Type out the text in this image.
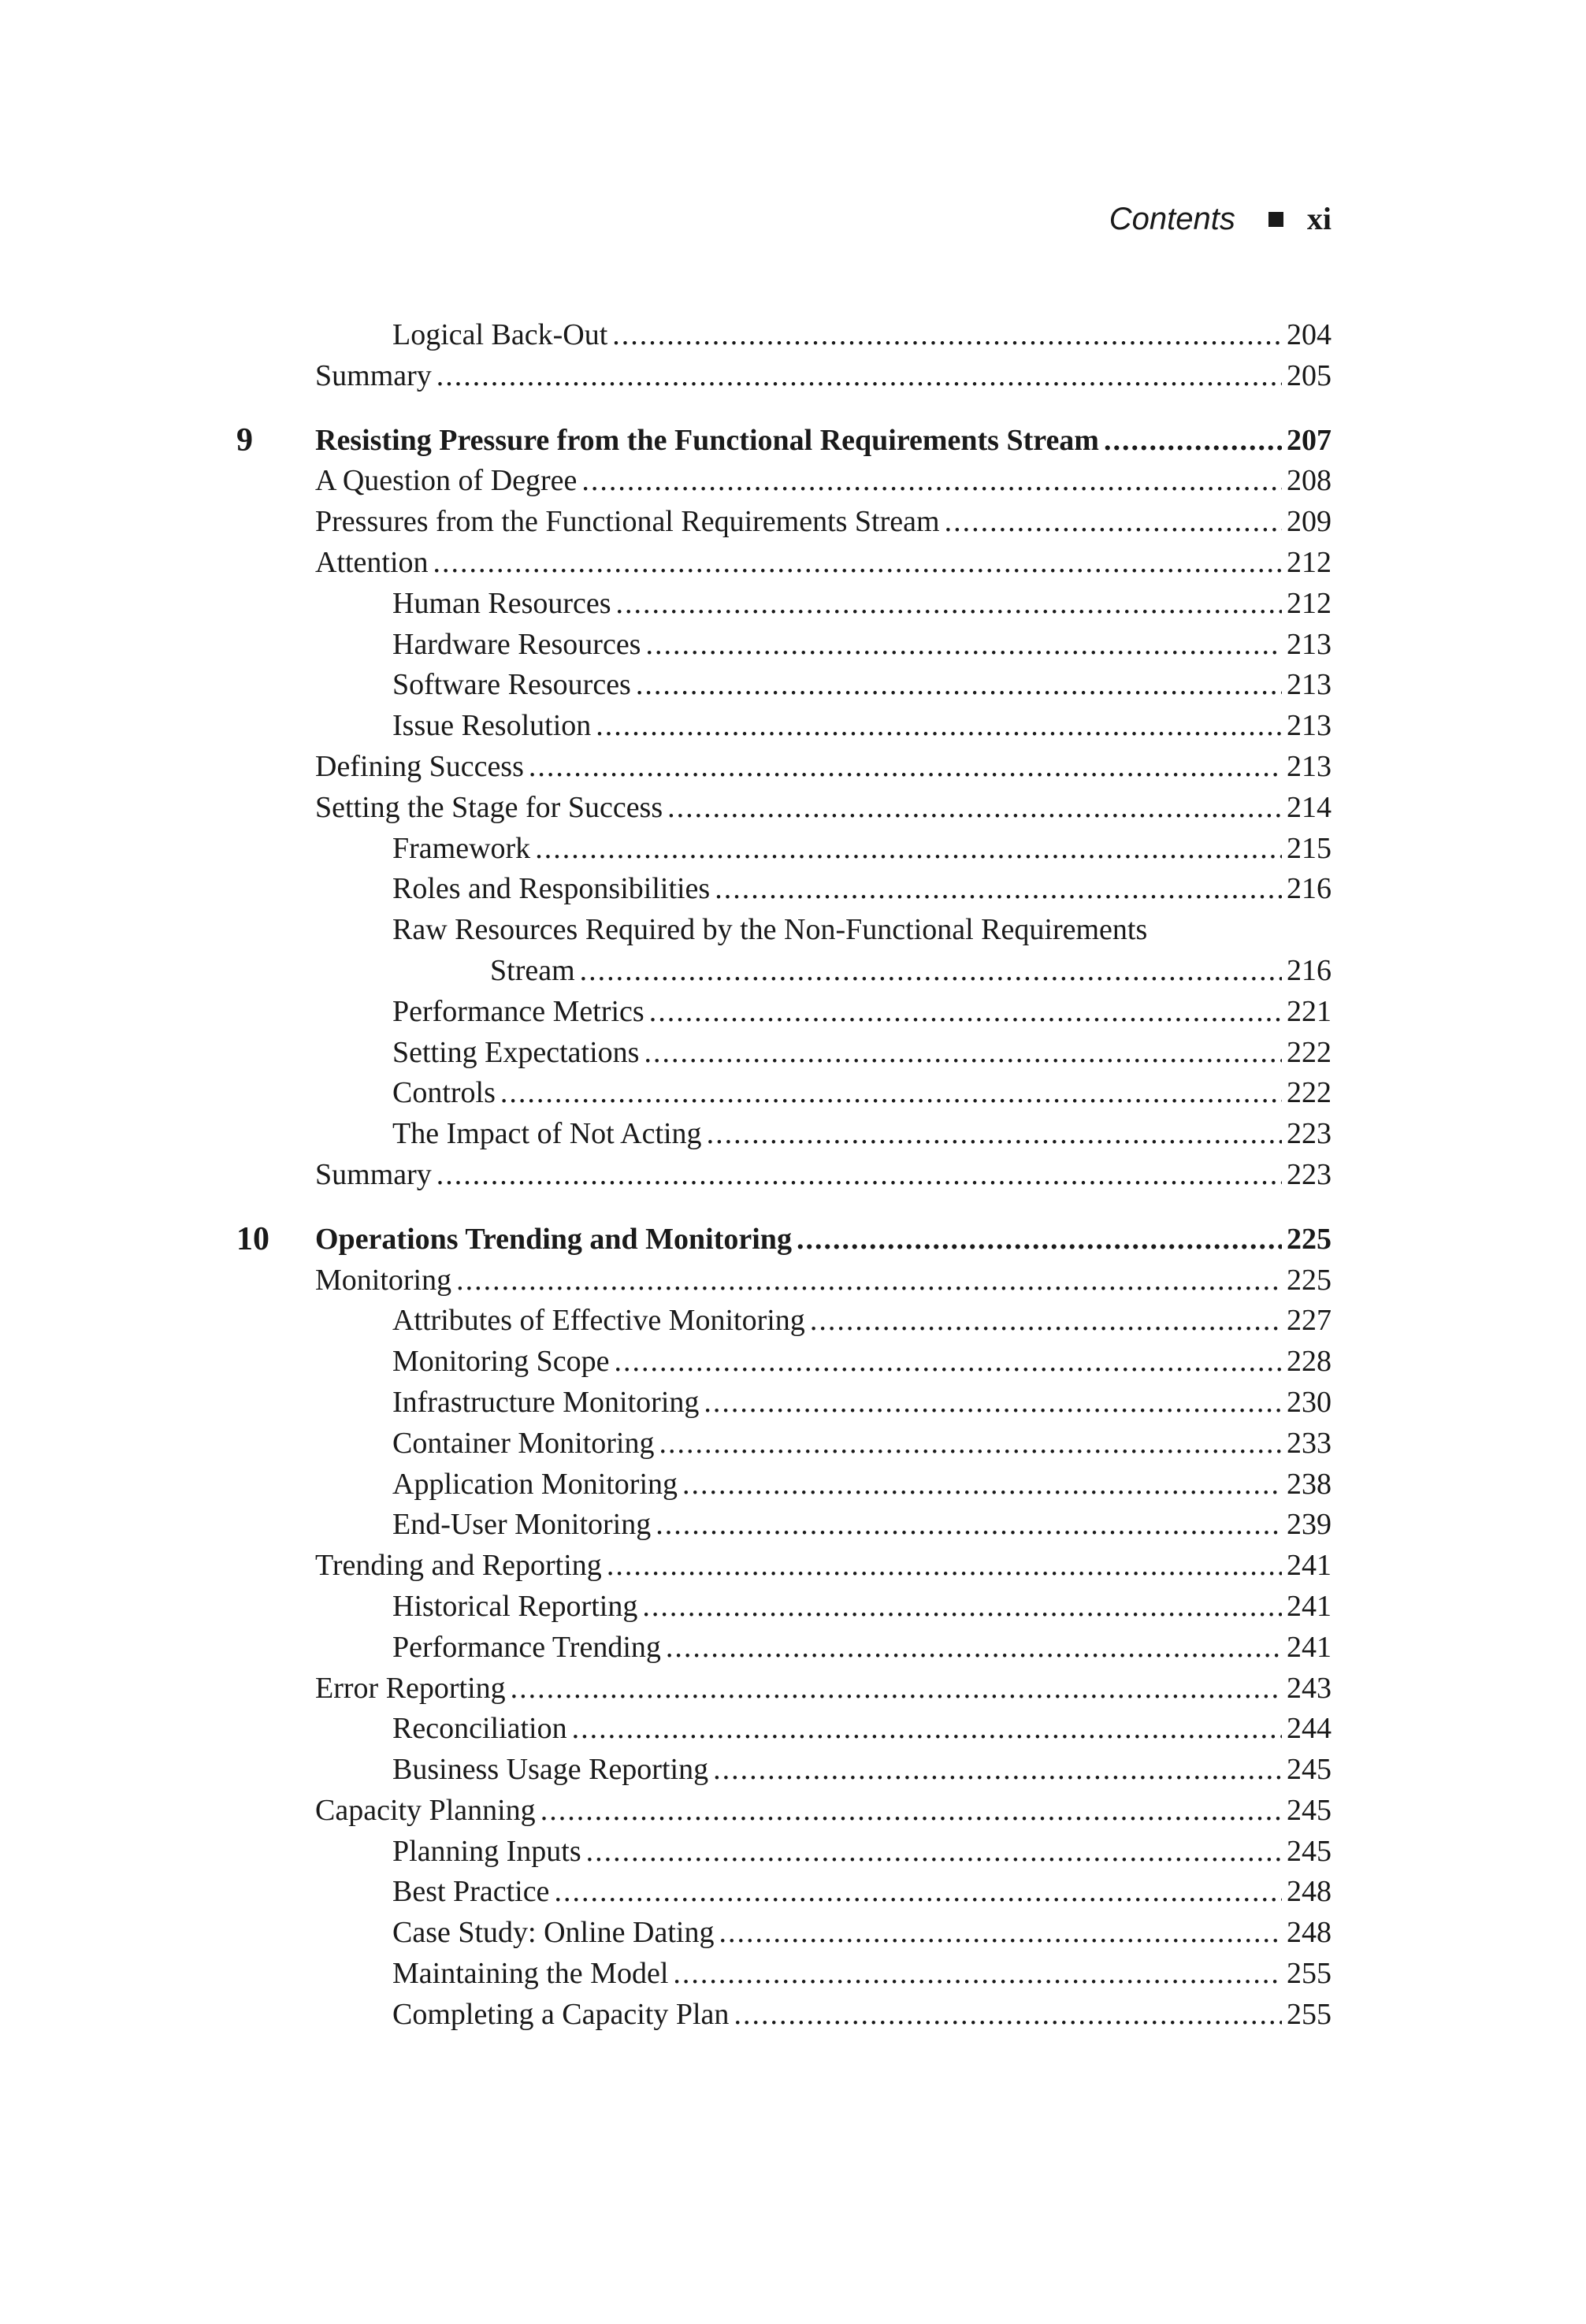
Contents xi
Logical Back-Out .....	204
Summary .....	205
9	Resisting Pressure from the Functional Requirements Stream .....	207
A Question of Degree .....	208
Pressures from the Functional Requirements Stream .....	209
Attention .....	212
Human Resources .....	212
Hardware Resources .....	213
Software Resources .....	213
Issue Resolution .....	213
Defining Success .....	213
Setting the Stage for Success .....	214
Framework .....	215
Roles and Responsibilities .....	216
Raw Resources Required by the Non-Functional Requirements
Stream .....	216
Performance Metrics .....	221
Setting Expectations .....	222
Controls .....	222
The Impact of Not Acting .....	223
Summary .....	223
10	Operations Trending and Monitoring .....	225
Monitoring .....	225
Attributes of Effective Monitoring .....	227
Monitoring Scope .....	228
Infrastructure Monitoring .....	230
Container Monitoring .....	233
Application Monitoring .....	238
End-User Monitoring .....	239
Trending and Reporting .....	241
Historical Reporting .....	241
Performance Trending .....	241
Error Reporting .....	243
Reconciliation .....	244
Business Usage Reporting .....	245
Capacity Planning .....	245
Planning Inputs .....	245
Best Practice .....	248
Case Study: Online Dating .....	248
Maintaining the Model .....	255
Completing a Capacity Plan .....	255
